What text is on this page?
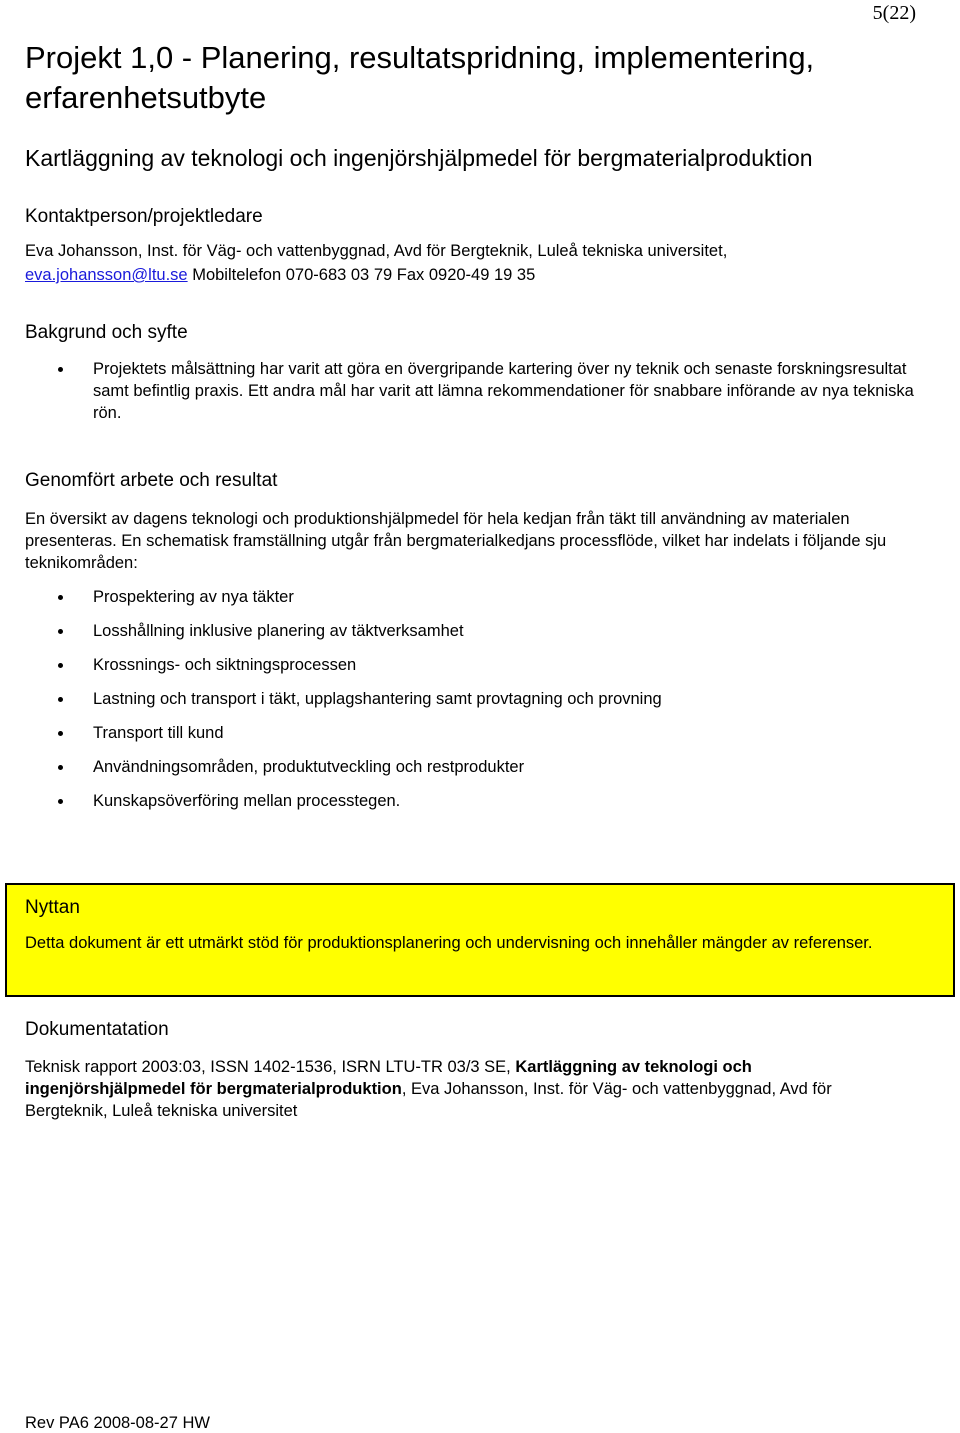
5(22)
Projekt 1,0 - Planering, resultatspridning, implementering, erfarenhetsutbyte
Kartläggning av teknologi och ingenjörshjälpmedel för bergmaterialproduktion
Kontaktperson/projektledare
Eva Johansson, Inst. för Väg- och vattenbyggnad, Avd för Bergteknik, Luleå tekniska universitet,
eva.johansson@ltu.se Mobiltelefon 070-683 03 79 Fax 0920-49 19 35
Bakgrund och syfte
Projektets målsättning har varit att göra en övergripande kartering över ny teknik och senaste forskningsresultat samt befintlig praxis. Ett andra mål har varit att lämna rekommendationer för snabbare införande av nya tekniska rön.
Genomfört arbete och resultat
En översikt av dagens teknologi och produktionshjälpmedel för hela kedjan från täkt till användning av materialen presenteras. En schematisk framställning utgår från bergmaterialkedjans processflöde, vilket har indelats i följande sju teknikområden:
Prospektering av nya täkter
Losshållning inklusive planering av täktverksamhet
Krossnings- och siktningsprocessen
Lastning och transport i täkt, upplagshantering samt provtagning och provning
Transport till kund
Användningsområden, produktutveckling och restprodukter
Kunskapsöverföring mellan processtegen.
Nyttan
Detta dokument är ett utmärkt stöd för produktionsplanering och undervisning och innehåller mängder av referenser.
Dokumentatation
Teknisk rapport 2003:03, ISSN 1402-1536, ISRN LTU-TR 03/3 SE, Kartläggning av teknologi och ingenjörshjälpmedel för bergmaterialproduktion, Eva Johansson, Inst. för Väg- och vattenbyggnad, Avd för Bergteknik, Luleå tekniska universitet
Rev PA6 2008-08-27 HW
